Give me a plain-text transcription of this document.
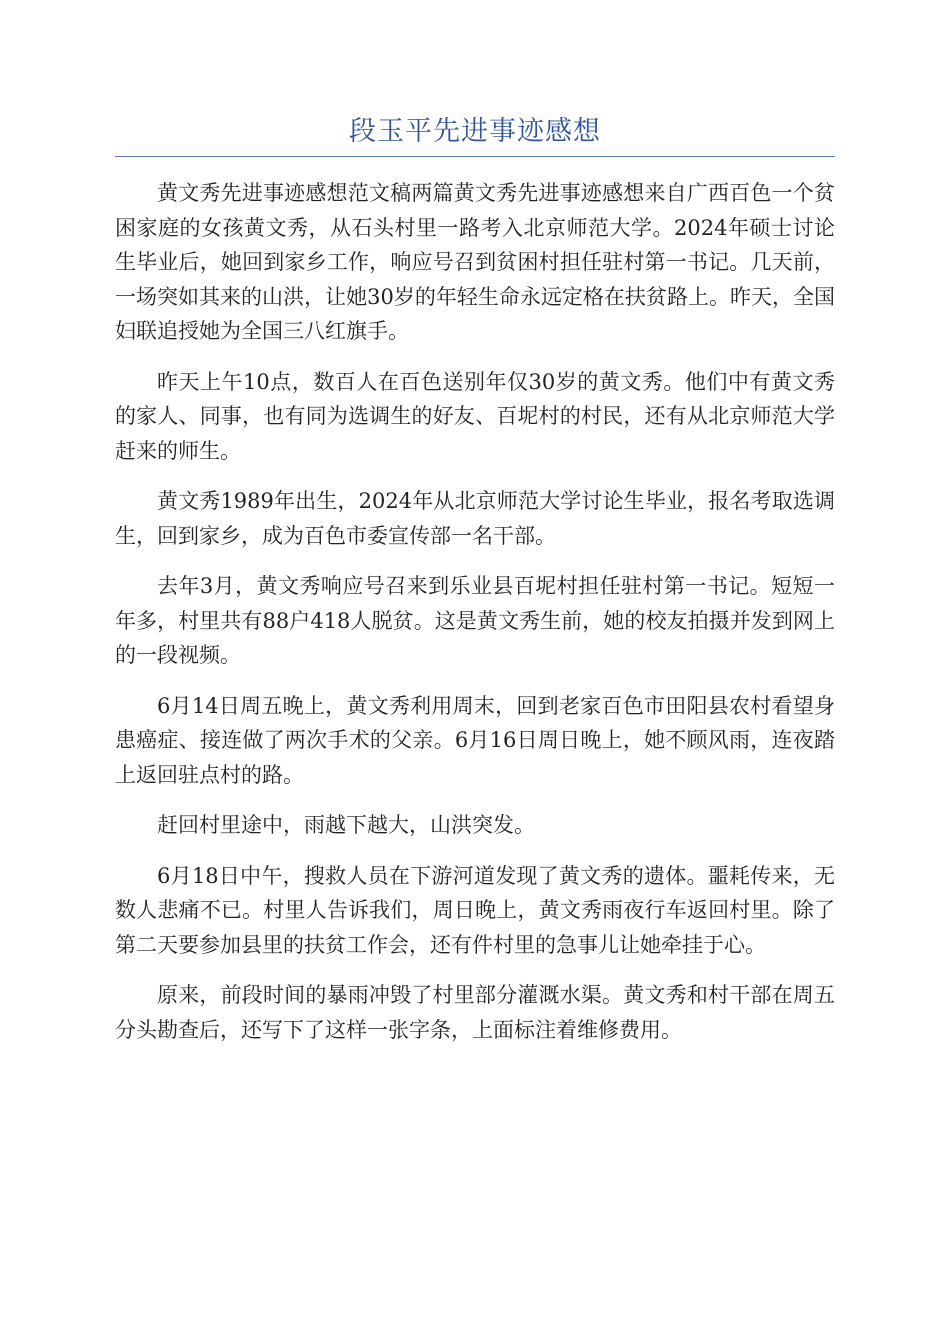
段玉平先进事迹感想

黄文秀先进事迹感想范文稿两篇黄文秀先进事迹感想来自广西百色一个贫困家庭的女孩黄文秀，从石头村里一路考入北京师范大学。2024年硕士讨论生毕业后，她回到家乡工作，响应号召到贫困村担任驻村第一书记。几天前，一场突如其来的山洪，让她30岁的年轻生命永远定格在扶贫路上。昨天，全国妇联追授她为全国三八红旗手。

昨天上午10点，数百人在百色送别年仅30岁的黄文秀。他们中有黄文秀的家人、同事，也有同为选调生的好友、百坭村的村民，还有从北京师范大学赶来的师生。

黄文秀1989年出生，2024年从北京师范大学讨论生毕业，报名考取选调生，回到家乡，成为百色市委宣传部一名干部。

去年3月，黄文秀响应号召来到乐业县百坭村担任驻村第一书记。短短一年多，村里共有88户418人脱贫。这是黄文秀生前，她的校友拍摄并发到网上的一段视频。

6月14日周五晚上，黄文秀利用周末，回到老家百色市田阳县农村看望身患癌症、接连做了两次手术的父亲。6月16日周日晚上，她不顾风雨，连夜踏上返回驻点村的路。

赶回村里途中，雨越下越大，山洪突发。

6月18日中午，搜救人员在下游河道发现了黄文秀的遗体。噩耗传来，无数人悲痛不已。村里人告诉我们，周日晚上，黄文秀雨夜行车返回村里。除了第二天要参加县里的扶贫工作会，还有件村里的急事儿让她牵挂于心。

原来，前段时间的暴雨冲毁了村里部分灌溉水渠。黄文秀和村干部在周五分头勘查后，还写下了这样一张字条，上面标注着维修费用。
